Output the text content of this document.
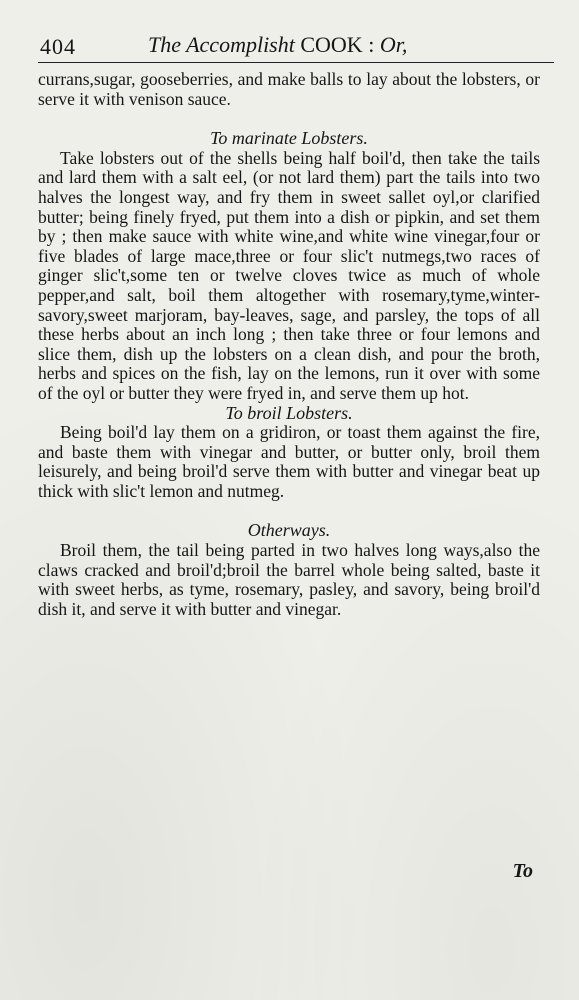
404	The Accomplisht COOK : Or,

currans,sugar, gooseberries, and make balls to lay about the lobsters, or serve it with venison sauce.

To marinate Lobsters.

Take lobsters out of the shells being half boil'd, then take the tails and lard them with a salt eel, (or not lard them) part the tails into two halves the longest way, and fry them in sweet sallet oyl,or clarified butter; being finely fryed, put them into a dish or pipkin, and set them by ; then make sauce with white wine,and white wine vinegar,four or five blades of large mace,three or four slic't nutmegs,two races of ginger slic't,some ten or twelve cloves twice as much of whole pepper,and salt, boil them altogether with rosemary,tyme,winter-savory,sweet marjoram, bay-leaves, sage, and parsley, the tops of all these herbs about an inch long ; then take three or four lemons and slice them, dish up the lobsters on a clean dish, and pour the broth, herbs and spices on the fish, lay on the lemons, run it over with some of the oyl or butter they were fryed in, and serve them up hot.

To broil Lobsters.

Being boil'd lay them on a gridiron, or toast them against the fire, and baste them with vinegar and butter, or butter only, broil them leisurely, and being broil'd serve them with butter and vinegar beat up thick with slic't lemon and nutmeg.

Otherways.

Broil them, the tail being parted in two halves long ways,also the claws cracked and broil'd;broil the barrel whole being salted, baste it with sweet herbs, as tyme, rosemary, pasley, and savory, being broil'd dish it, and serve it with butter and vinegar.

To
